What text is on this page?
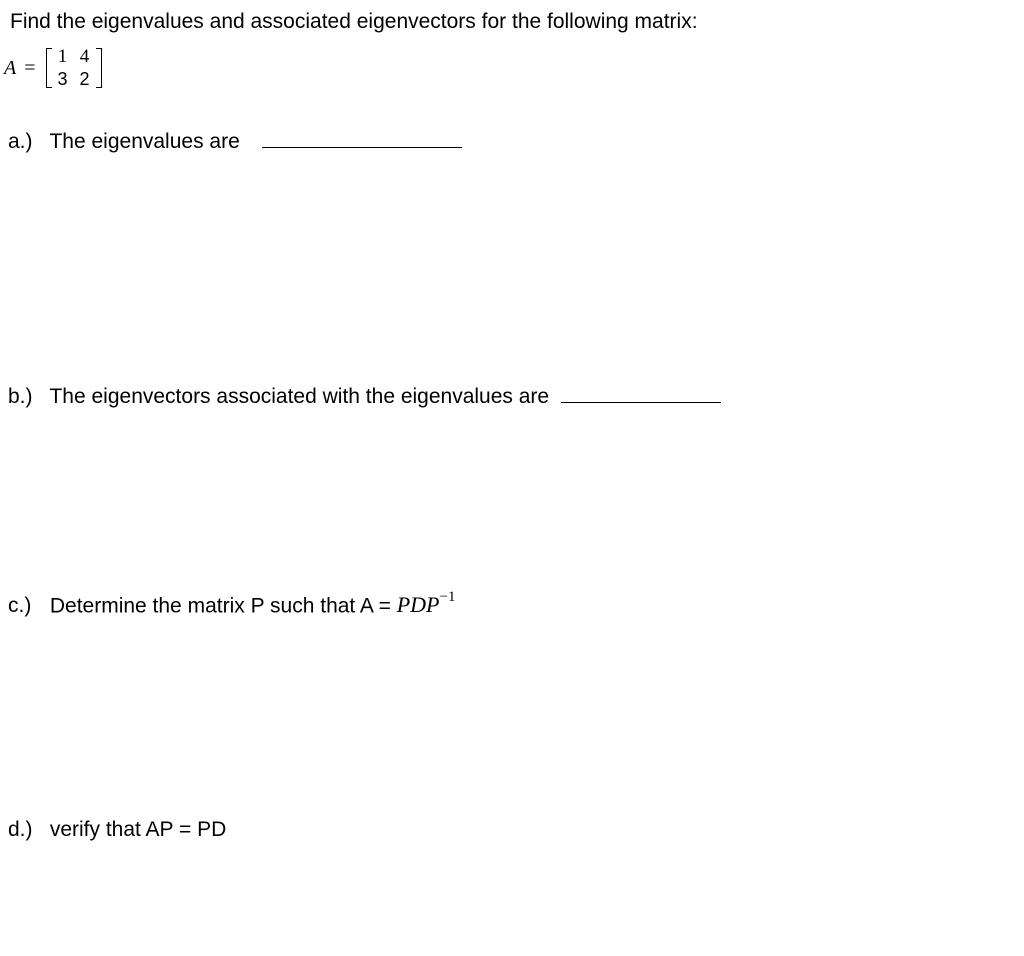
Find the eigenvalues and associated eigenvectors for the following matrix:
A =	1 4
3 2
a.) The eigenvalues are
b.) The eigenvectors associated with the eigenvalues are
c.) Determine the matrix P such that $A = PDP^{-1}$
d.) verify that AP = PD
